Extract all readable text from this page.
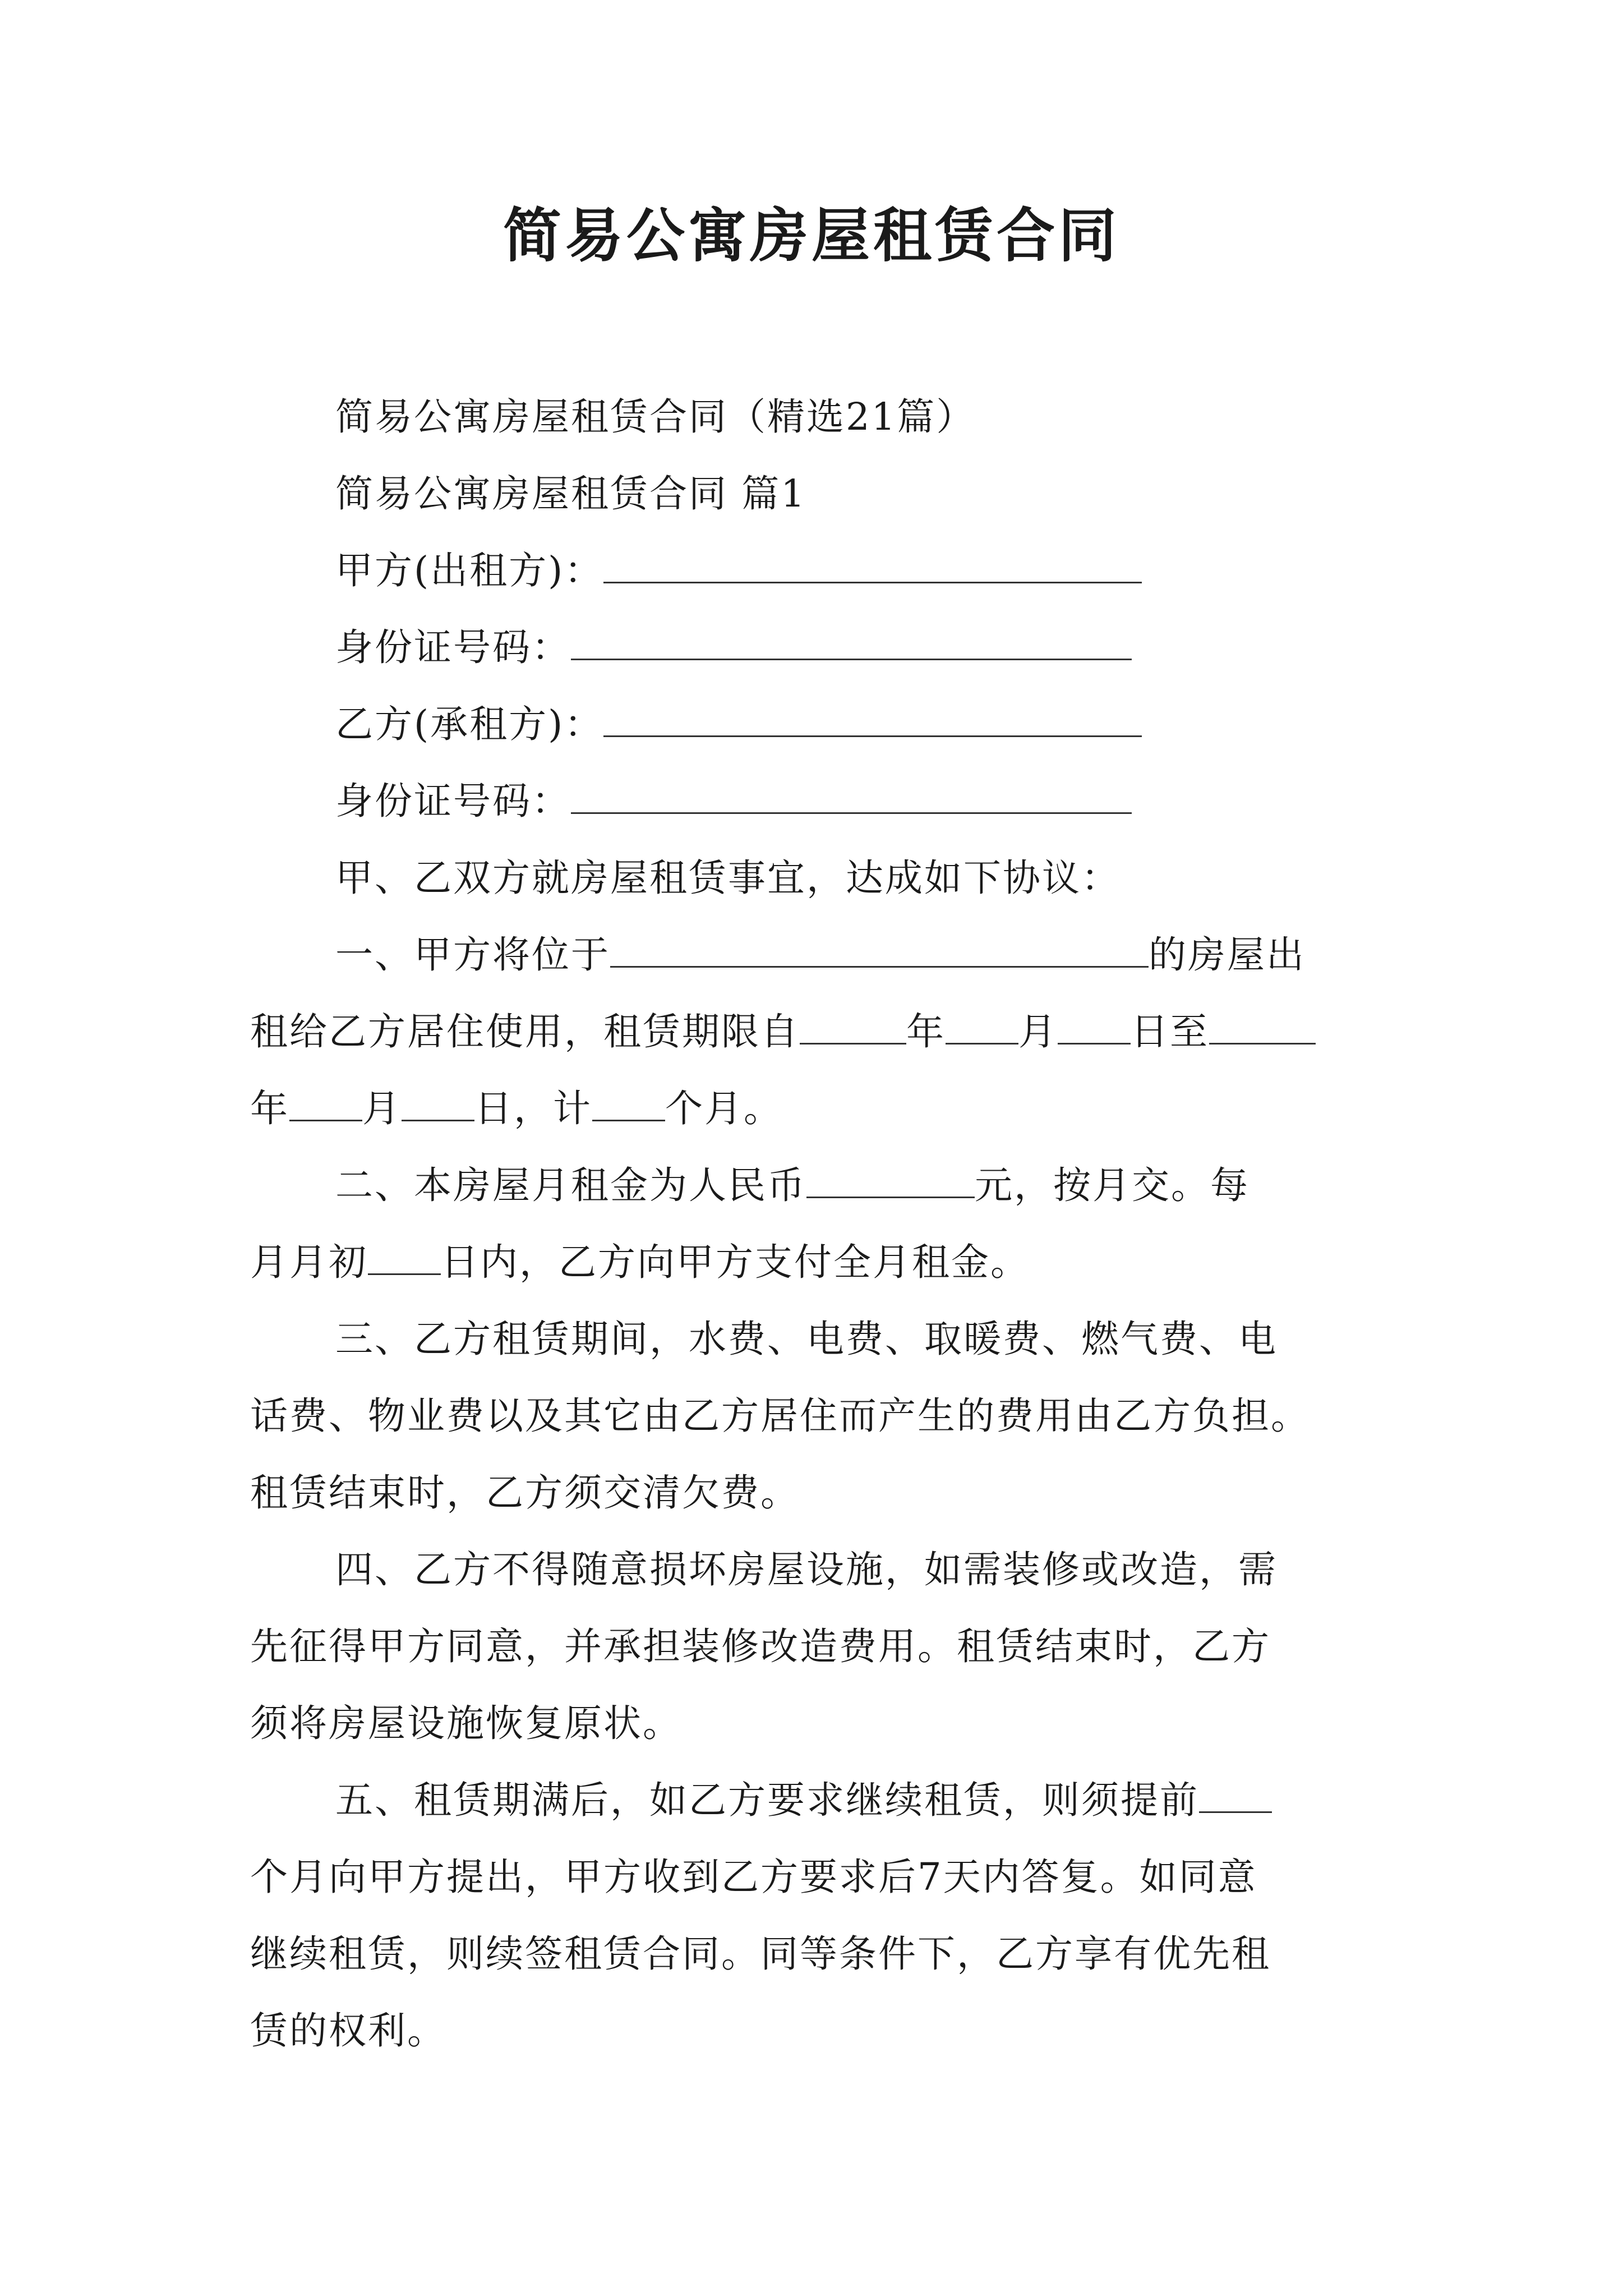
简易公寓房屋租赁合同
简易公寓房屋租赁合同（精选21篇）
简易公寓房屋租赁合同 篇1
甲方(出租方)：
身份证号码：
乙方(承租方)：
身份证号码：
甲、乙双方就房屋租赁事宜，达成如下协议：
一、甲方将位于	的房屋出
租给乙方居住使用，租赁期限自	年 月 日至
年 月 日，计 个月。
二、本房屋月租金为人民币	元，按月交。每
月月初 日内，乙方向甲方支付全月租金。
三、乙方租赁期间，水费、电费、取暖费、燃气费、电
话费、物业费以及其它由乙方居住而产生的费用由乙方负担。
租赁结束时，乙方须交清欠费。
四、乙方不得随意损坏房屋设施，如需装修或改造，需
先征得甲方同意，并承担装修改造费用。租赁结束时，乙方
须将房屋设施恢复原状。
五、租赁期满后，如乙方要求继续租赁，则须提前
个月向甲方提出，甲方收到乙方要求后7天内答复。如同意
继续租赁，则续签租赁合同。同等条件下，乙方享有优先租
赁的权利。
